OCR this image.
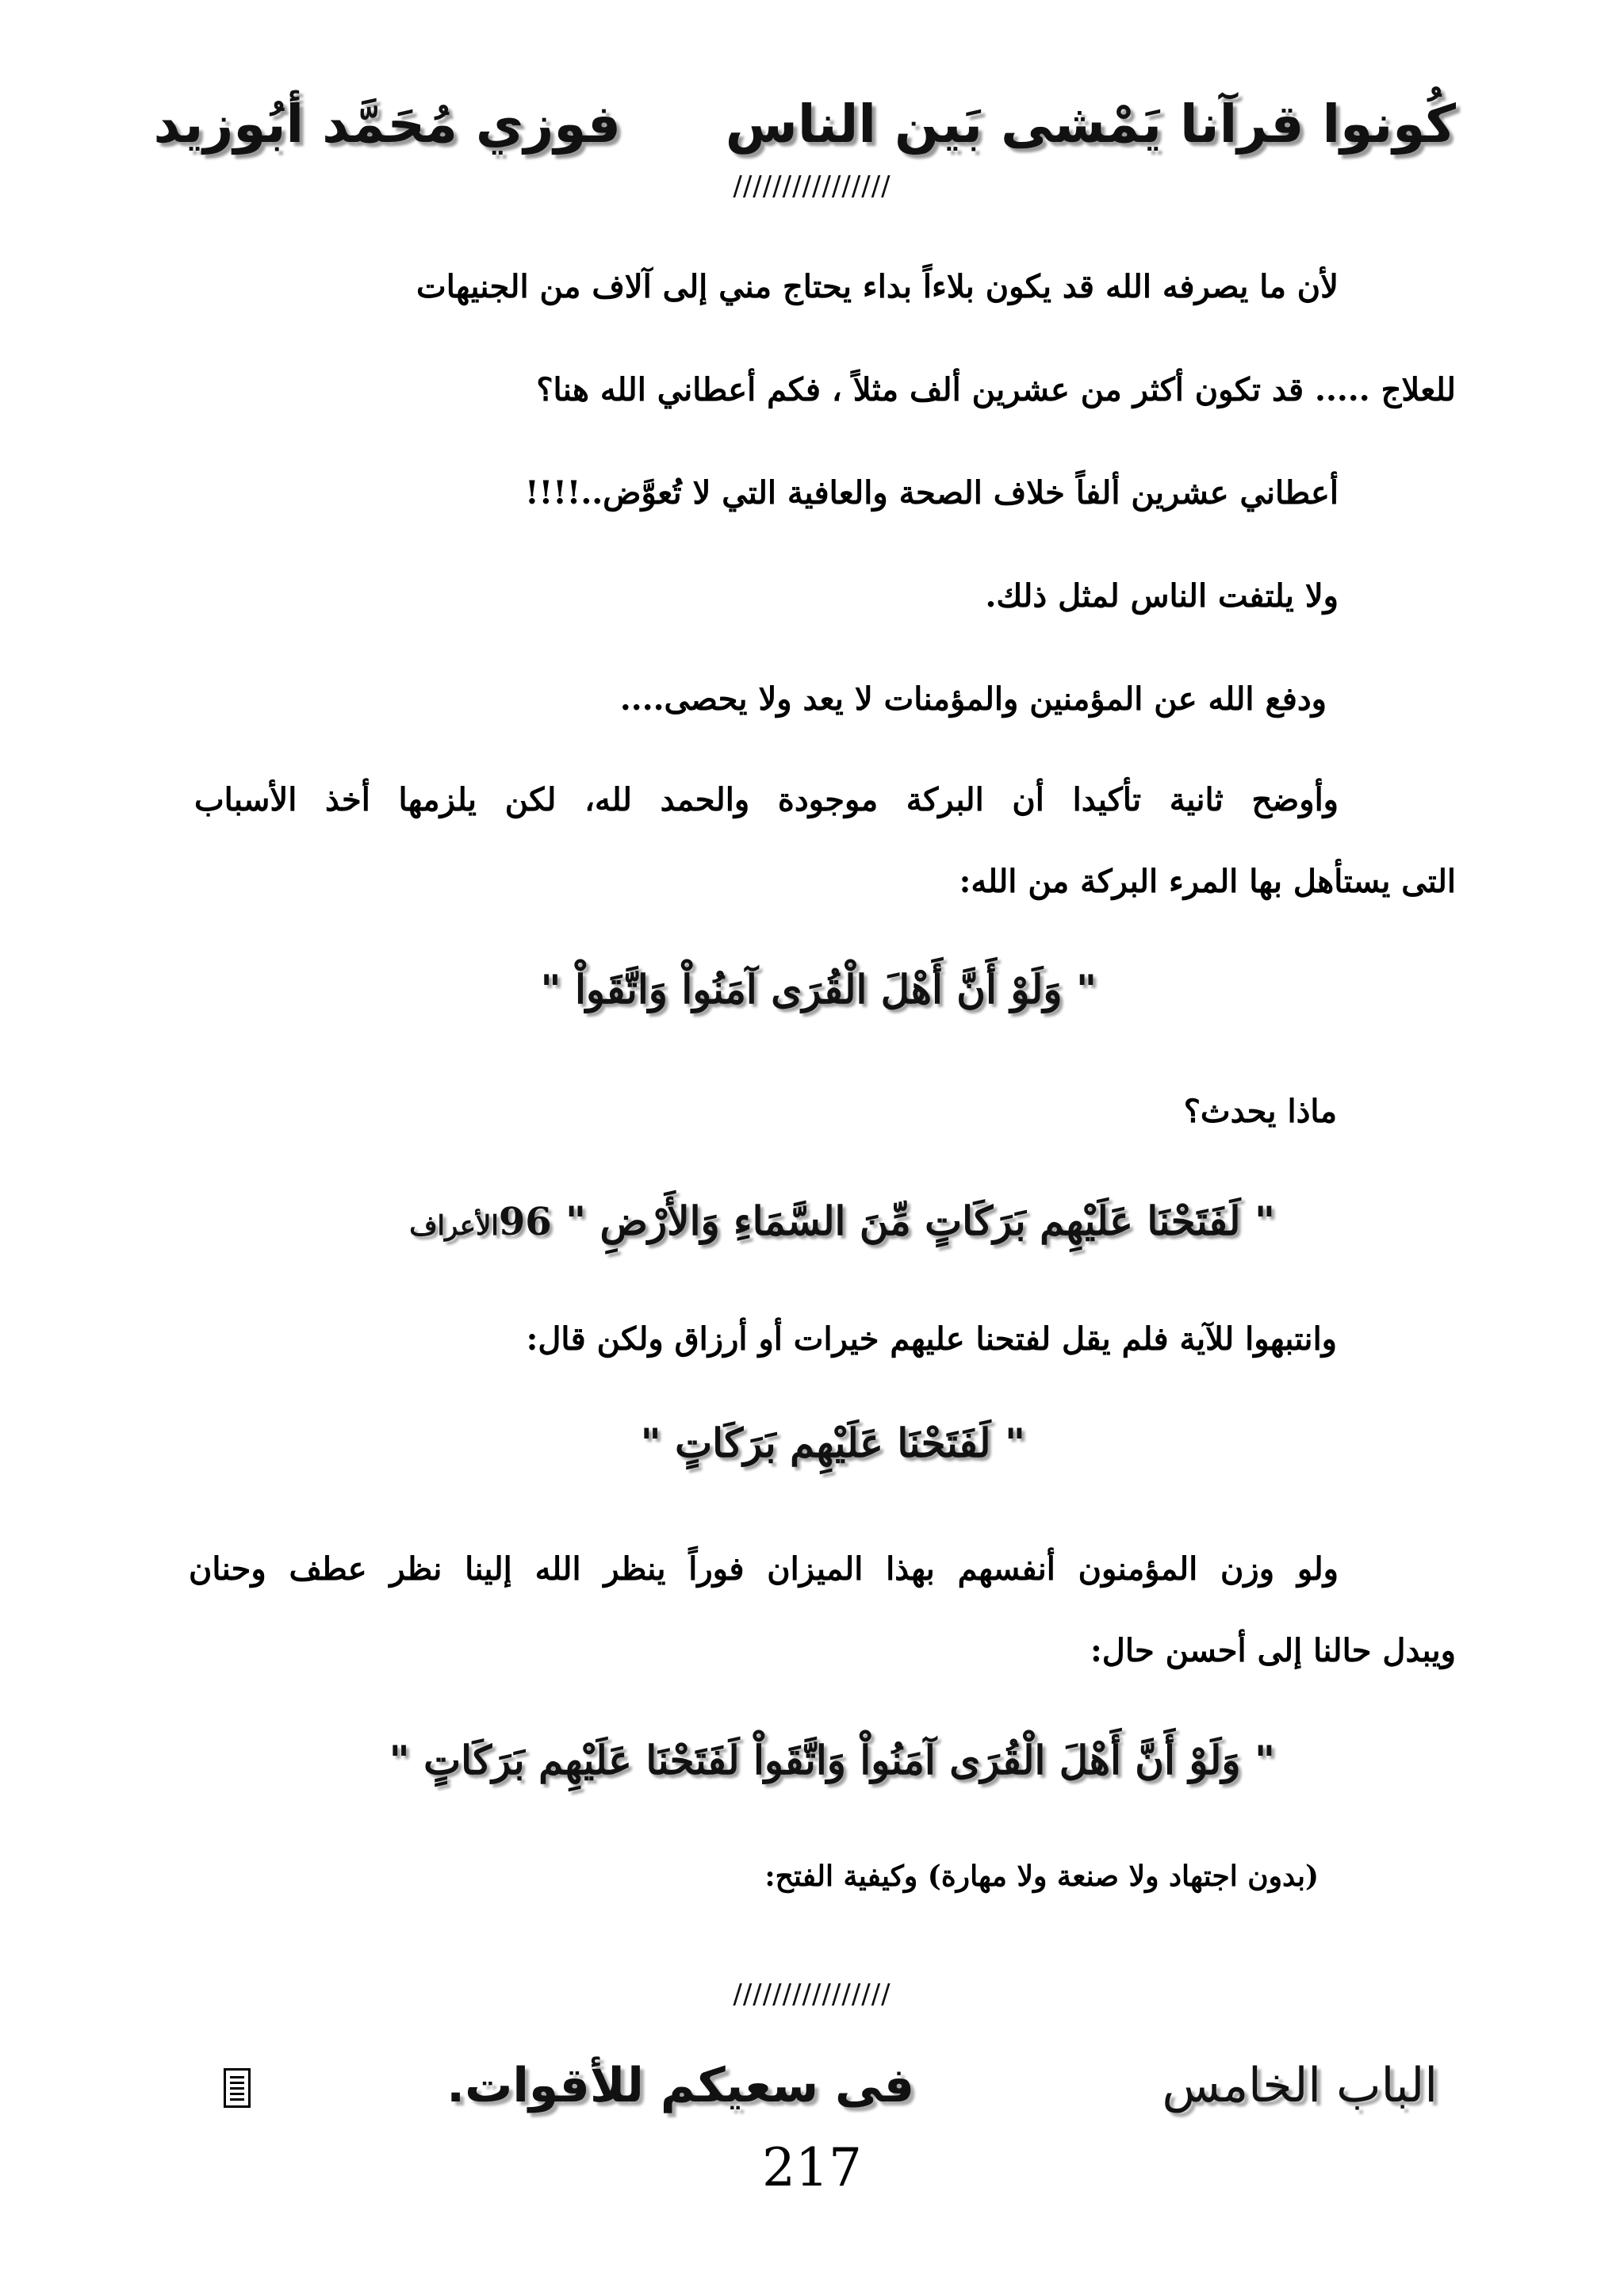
كُونوا قرآنا يَمْشى بَين الناس
فوزي مُحَمَّد أبُوزيد
////////////////
لأن ما يصرفه الله قد يكون بلاءاً بداء يحتاج مني إلى آلاف من الجنيهات
للعلاج ..... قد تكون أكثر من عشرين ألف مثلاً ، فكم أعطاني الله هنا؟
أعطاني عشرين ألفاً خلاف الصحة والعافية التي لا تُعوَّض..!!!!
ولا يلتفت الناس لمثل ذلك.
ودفع الله عن المؤمنين والمؤمنات لا يعد ولا يحصى....
وأوضح ثانية تأكيدا أن البركة موجودة والحمد لله، لكن يلزمها أخذ الأسباب
التى يستأهل بها المرء البركة من الله:
" وَلَوْ أَنَّ أَهْلَ الْقُرَى آمَنُواْ وَاتَّقَواْ "
ماذا يحدث؟
" لَفَتَحْنَا عَلَيْهِم بَرَكَاتٍ مِّنَ السَّمَاءِ وَالأَرْضِ " 96الأعراف
وانتبهوا للآية فلم يقل لفتحنا عليهم خيرات أو أرزاق ولكن قال:
" لَفَتَحْنَا عَلَيْهِم بَرَكَاتٍ "
ولو وزن المؤمنون أنفسهم بهذا الميزان فوراً ينظر الله إلينا نظر عطف وحنان
ويبدل حالنا إلى أحسن حال:
" وَلَوْ أَنَّ أَهْلَ الْقُرَى آمَنُواْ وَاتَّقَواْ لَفَتَحْنَا عَلَيْهِم بَرَكَاتٍ "
(بدون اجتهاد ولا صنعة ولا مهارة) وكيفية الفتح:
////////////////
الباب الخامس
فى سعيكم للأقوات.
217
